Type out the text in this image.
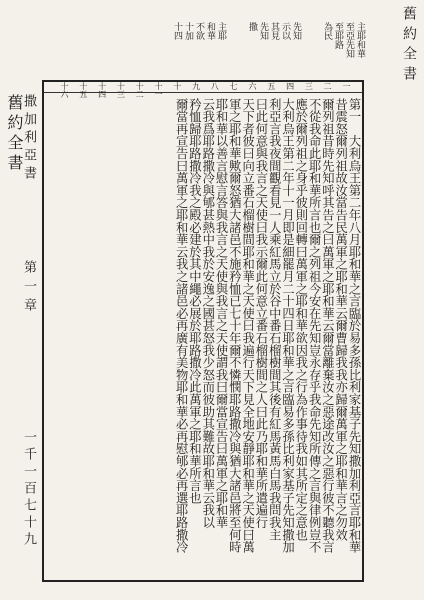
舊約全書
一
二
三
四
五
六
七
八
九
十
十一
十二
十三
十四
十五
十六
主耶和華
至亞先知
至耶路
為民
先知
示以
其見
先知
撒
主耶
和華
不欲
十加
十四
舊約全書
撒加利亞書
第一章
一千一百七十九	第一　大利烏王第二年八月耶和華之言臨於易多孫比利家基子先知撒加利亞言耶和華
昔震怒爾列祖故汝當告民萬軍之耶和華云爾曹歸我我亦歸爾萬軍之耶和華言之勿效
爾列祖昔時先知呼其告之曰萬軍之耶和華云爾當離棄汝之惡途改汝之惡行彼不聽我言
不從我命此耶和華所言也爾之列祖今安在先知豈永存乎我命先知所傳之言與律例豈不
應於爾列祖之身乎彼則回轉曰萬軍之耶和華欲因我之行為作事待我如其所定之意也
大利烏王第二年十一月即是細罷月二十四日耶和華之言臨易多孫比利家基子先知撒加
利亞言我夜間觀看見一人乘紅馬立於谷中番石榴樹間其後有紅馬黃馬白馬我問我主
曰此何意與我言之天使曰我示爾此何意立番石榴樹間之人曰此乃耶和華所遣遍行
天下者彼曰向立番石榴樹間耶和華之天使曰我遍行天下見全地安靜耶和華之天使曰萬
軍之耶和華歟爾怒猶大諸邑不施矜恤已七十年爾不憐憫耶路撒冷與猶大諸邑將至何時
耶和華以善言慰言答與我言之天使與我言之天使謂我曰爾當宣告曰萬軍之耶和華
云我爲耶路撒冷與郇甚熱中我於安逸之國甚怒我少怒而彼助其難故耶和華云我以
矜恤歸耶路撒冷我之殿必建於其中繩必展於耶路撒冷此萬軍之耶和華所言也
爾當再宣告曰萬軍之耶和華云我之諸邑必再廣有美物耶和華必再慰郇必再選耶路撒冷
